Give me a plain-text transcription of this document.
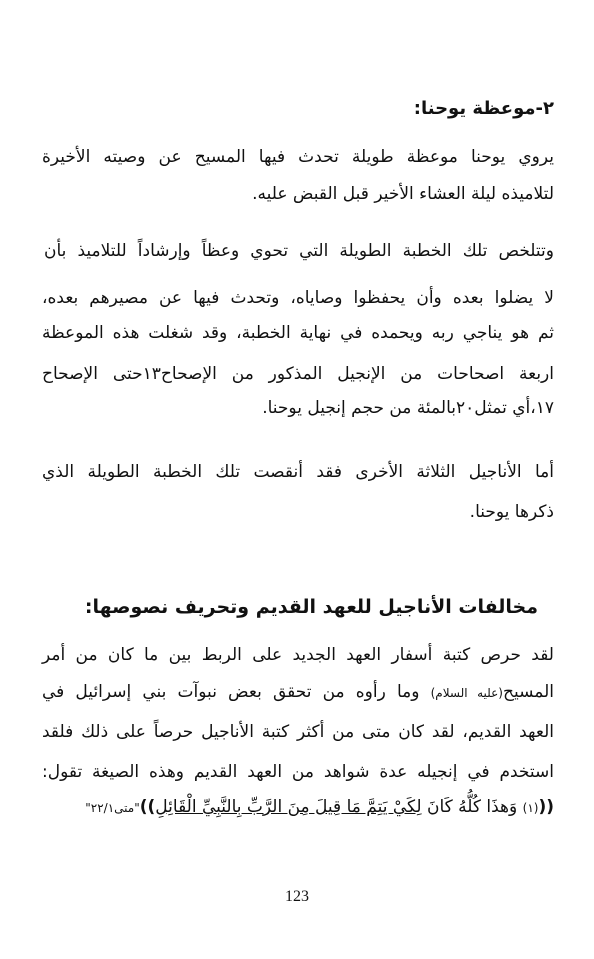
٢-موعظة يوحنا:
يروي يوحنا موعظة طويلة تحدث فيها المسيح عن وصيته الأخيرة
لتلاميذه ليلة العشاء الأخير قبل القبض عليه.
وتتلخص تلك الخطبة الطويلة التي تحوي وعظاً وإرشاداً للتلاميذ بأن
لا يضلوا بعده وأن يحفظوا وصاياه، وتحدث فيها عن مصيرهم بعده،
ثم هو يناجي ربه ويحمده في نهاية الخطبة، وقد شغلت هذه الموعظة
اربعة اصحاحات من الإنجيل المذكور من الإصحاح١٣حتى الإصحاح
١٧،أي تمثل٢٠بالمئة من حجم إنجيل يوحنا.
أما الأناجيل الثلاثة الأخرى فقد أنقصت تلك الخطبة الطويلة الذي
ذكرها يوحنا.
مخالفات الأناجيل للعهد القديم وتحريف نصوصها:
لقد حرص كتبة أسفار العهد الجديد على الربط بين ما كان من أمر
المسيح(عليه السلام) وما رأوه من تحقق بعض نبوآت بني إسرائيل في
العهد القديم، لقد كان متى من أكثر كتبة الأناجيل حرصاً على ذلك فلقد
استخدم في إنجيله عدة شواهد من العهد القديم وهذه الصيغة تقول:
(((١) وَهذَا كُلُّهُ كَانَ لِكَيْ يَتِمَّ مَا قِيلَ مِنَ الرَّبِّ بِالنَّبِيِّ الْقَائِلِ))"متى٢٢/١"
123
